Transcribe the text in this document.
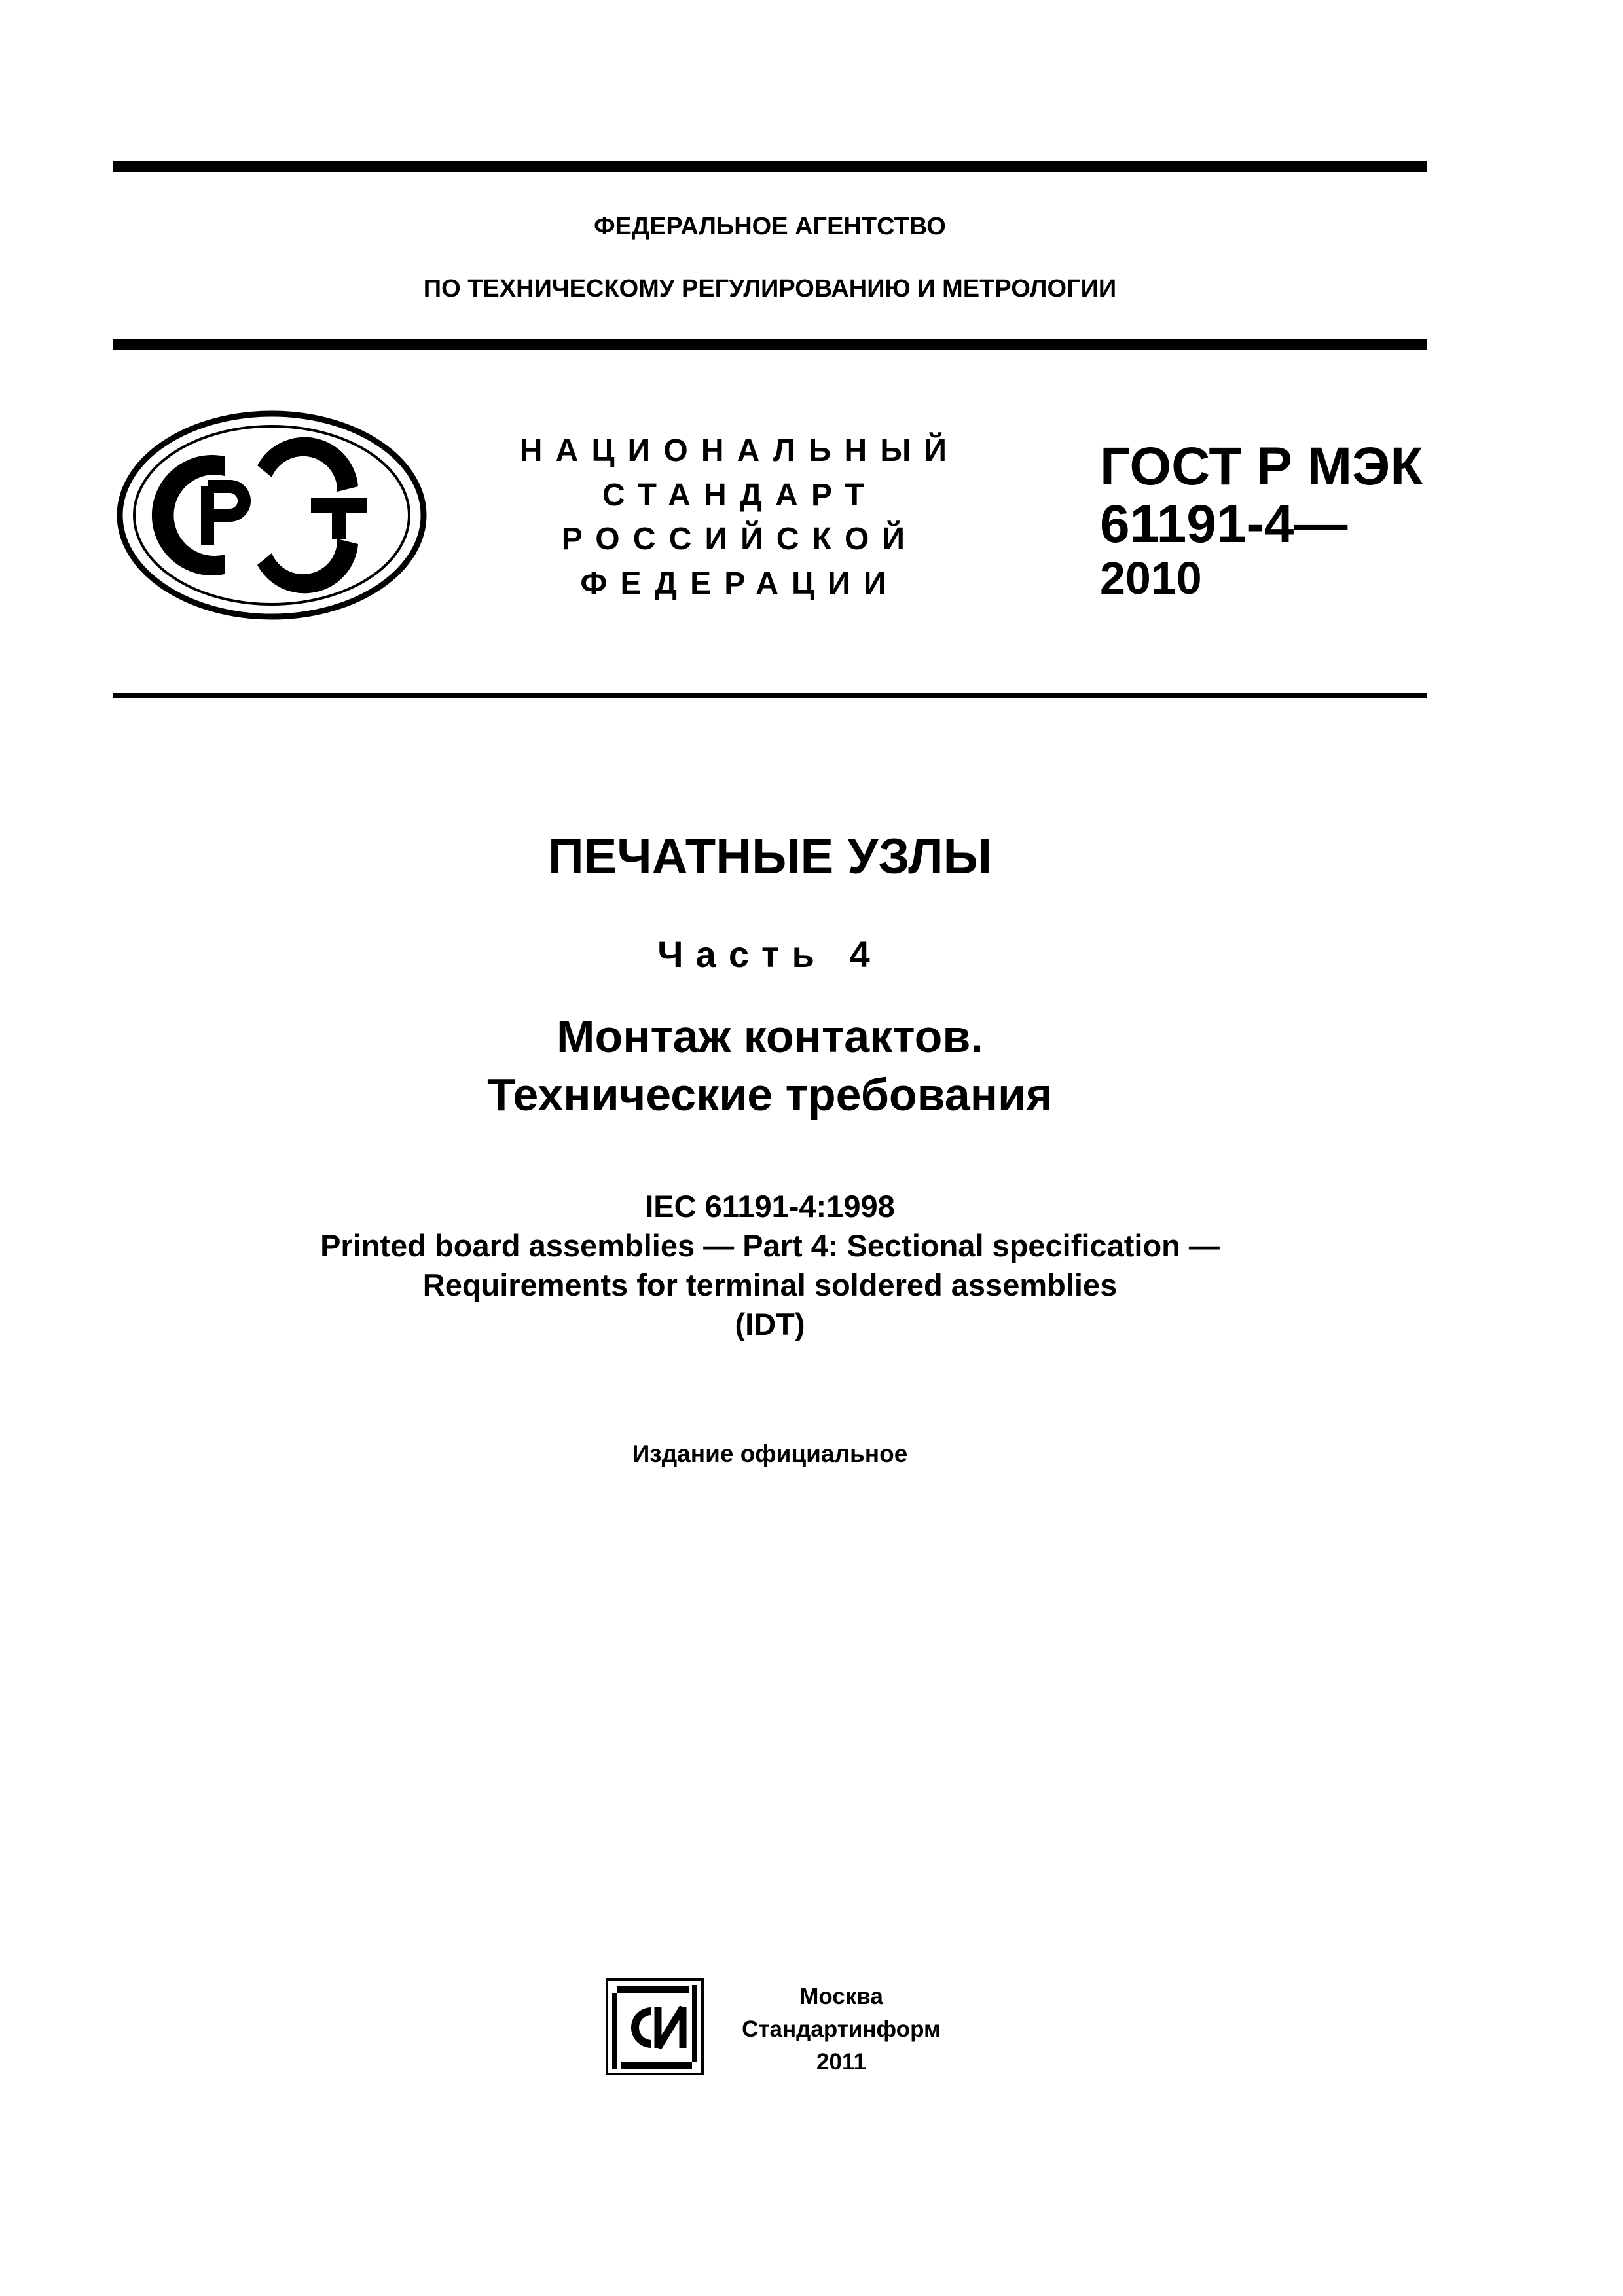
ФЕДЕРАЛЬНОЕ АГЕНТСТВО
ПО ТЕХНИЧЕСКОМУ РЕГУЛИРОВАНИЮ И МЕТРОЛОГИИ
НАЦИОНАЛЬНЫЙ
СТАНДАРТ
РОССИЙСКОЙ
ФЕДЕРАЦИИ
ГОСТ Р МЭК
61191-4—
2010
ПЕЧАТНЫЕ УЗЛЫ
Часть 4
Монтаж контактов.
Технические требования
IEC 61191-4:1998
Printed board assemblies — Part 4: Sectional specification —
Requirements for terminal soldered assemblies
(IDT)
Издание официальное
Москва
Стандартинформ
2011
